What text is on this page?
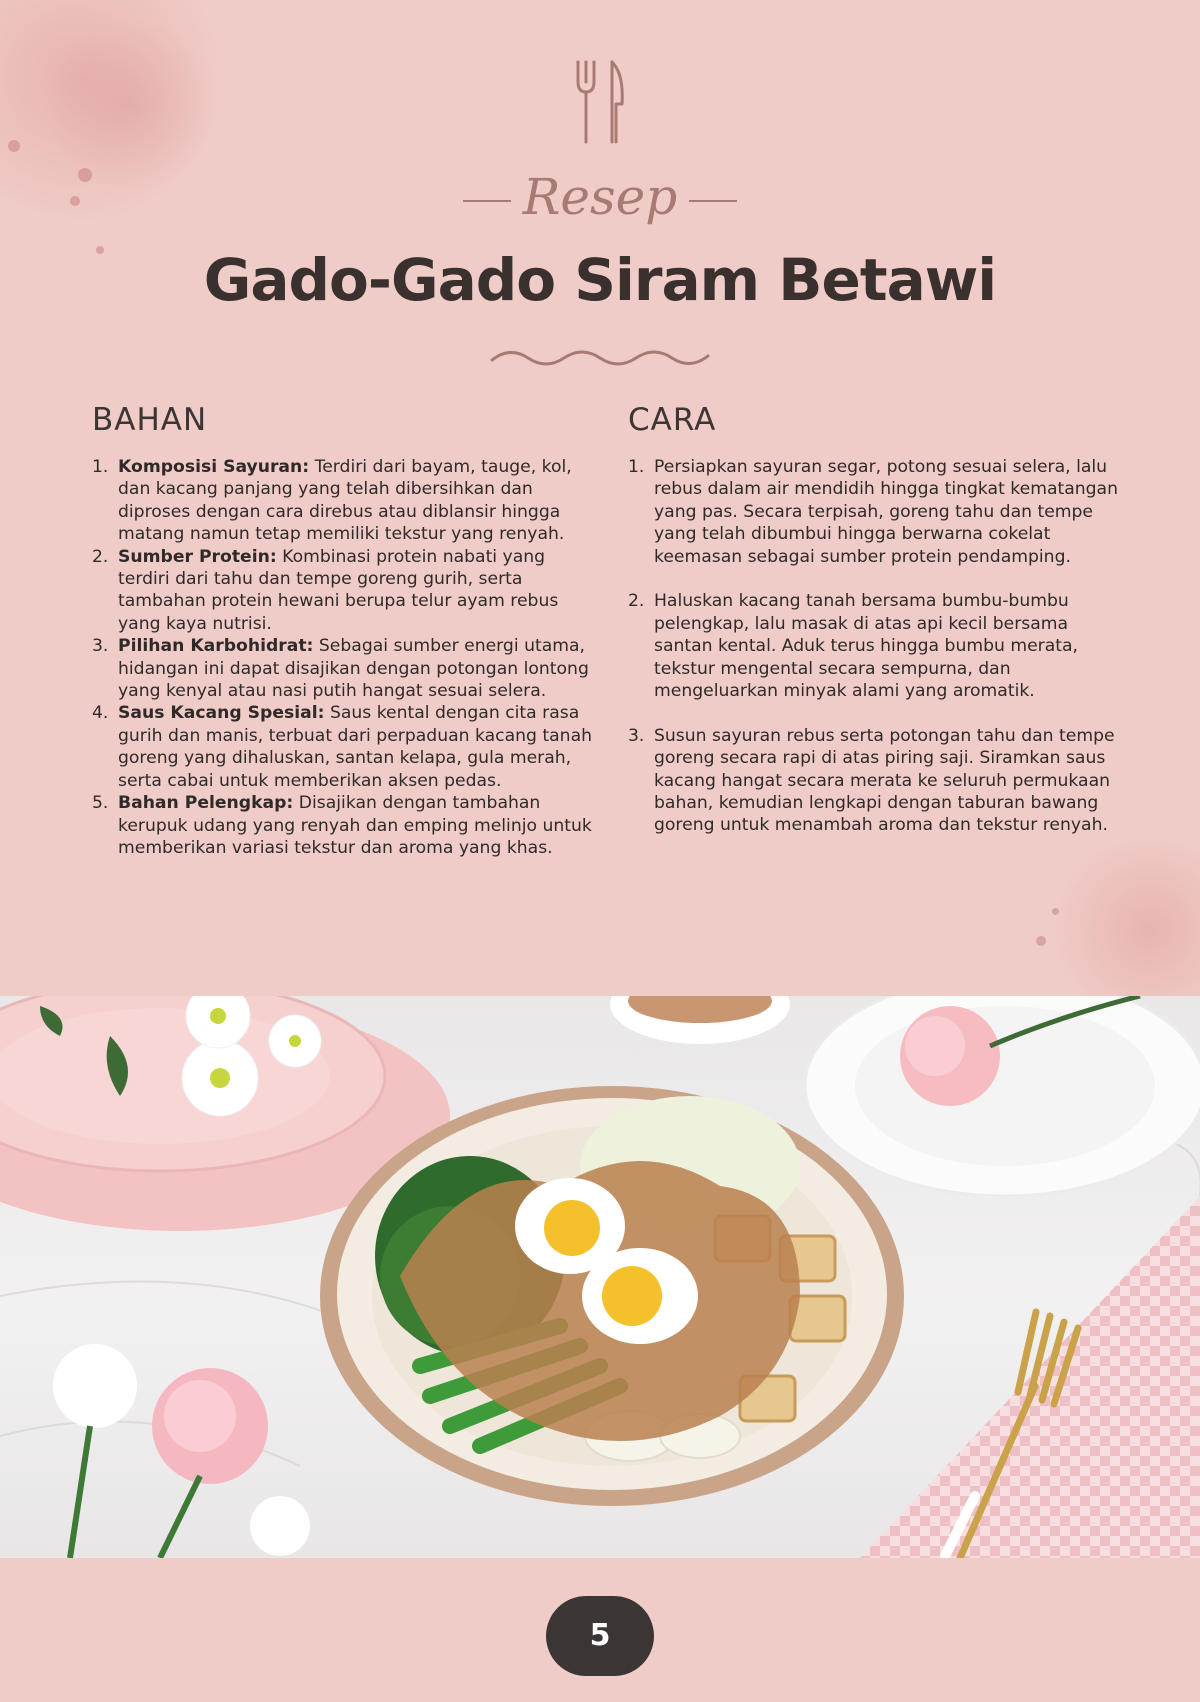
Resep
Gado-Gado Siram Betawi
BAHAN
1. Komposisi Sayuran: Terdiri dari bayam, tauge, kol, dan kacang panjang yang telah dibersihkan dan diproses dengan cara direbus atau diblansir hingga matang namun tetap memiliki tekstur yang renyah.
2. Sumber Protein: Kombinasi protein nabati yang terdiri dari tahu dan tempe goreng gurih, serta tambahan protein hewani berupa telur ayam rebus yang kaya nutrisi.
3. Pilihan Karbohidrat: Sebagai sumber energi utama, hidangan ini dapat disajikan dengan potongan lontong yang kenyal atau nasi putih hangat sesuai selera.
4. Saus Kacang Spesial: Saus kental dengan cita rasa gurih dan manis, terbuat dari perpaduan kacang tanah goreng yang dihaluskan, santan kelapa, gula merah, serta cabai untuk memberikan aksen pedas.
5. Bahan Pelengkap: Disajikan dengan tambahan kerupuk udang yang renyah dan emping melinjo untuk memberikan variasi tekstur dan aroma yang khas.
CARA
1. Persiapkan sayuran segar, potong sesuai selera, lalu rebus dalam air mendidih hingga tingkat kematangan yang pas. Secara terpisah, goreng tahu dan tempe yang telah dibumbui hingga berwarna cokelat keemasan sebagai sumber protein pendamping.
2. Haluskan kacang tanah bersama bumbu-bumbu pelengkap, lalu masak di atas api kecil bersama santan kental. Aduk terus hingga bumbu merata, tekstur mengental secara sempurna, dan mengeluarkan minyak alami yang aromatik.
3. Susun sayuran rebus serta potongan tahu dan tempe goreng secara rapi di atas piring saji. Siramkan saus kacang hangat secara merata ke seluruh permukaan bahan, kemudian lengkapi dengan taburan bawang goreng untuk menambah aroma dan tekstur renyah.
5
